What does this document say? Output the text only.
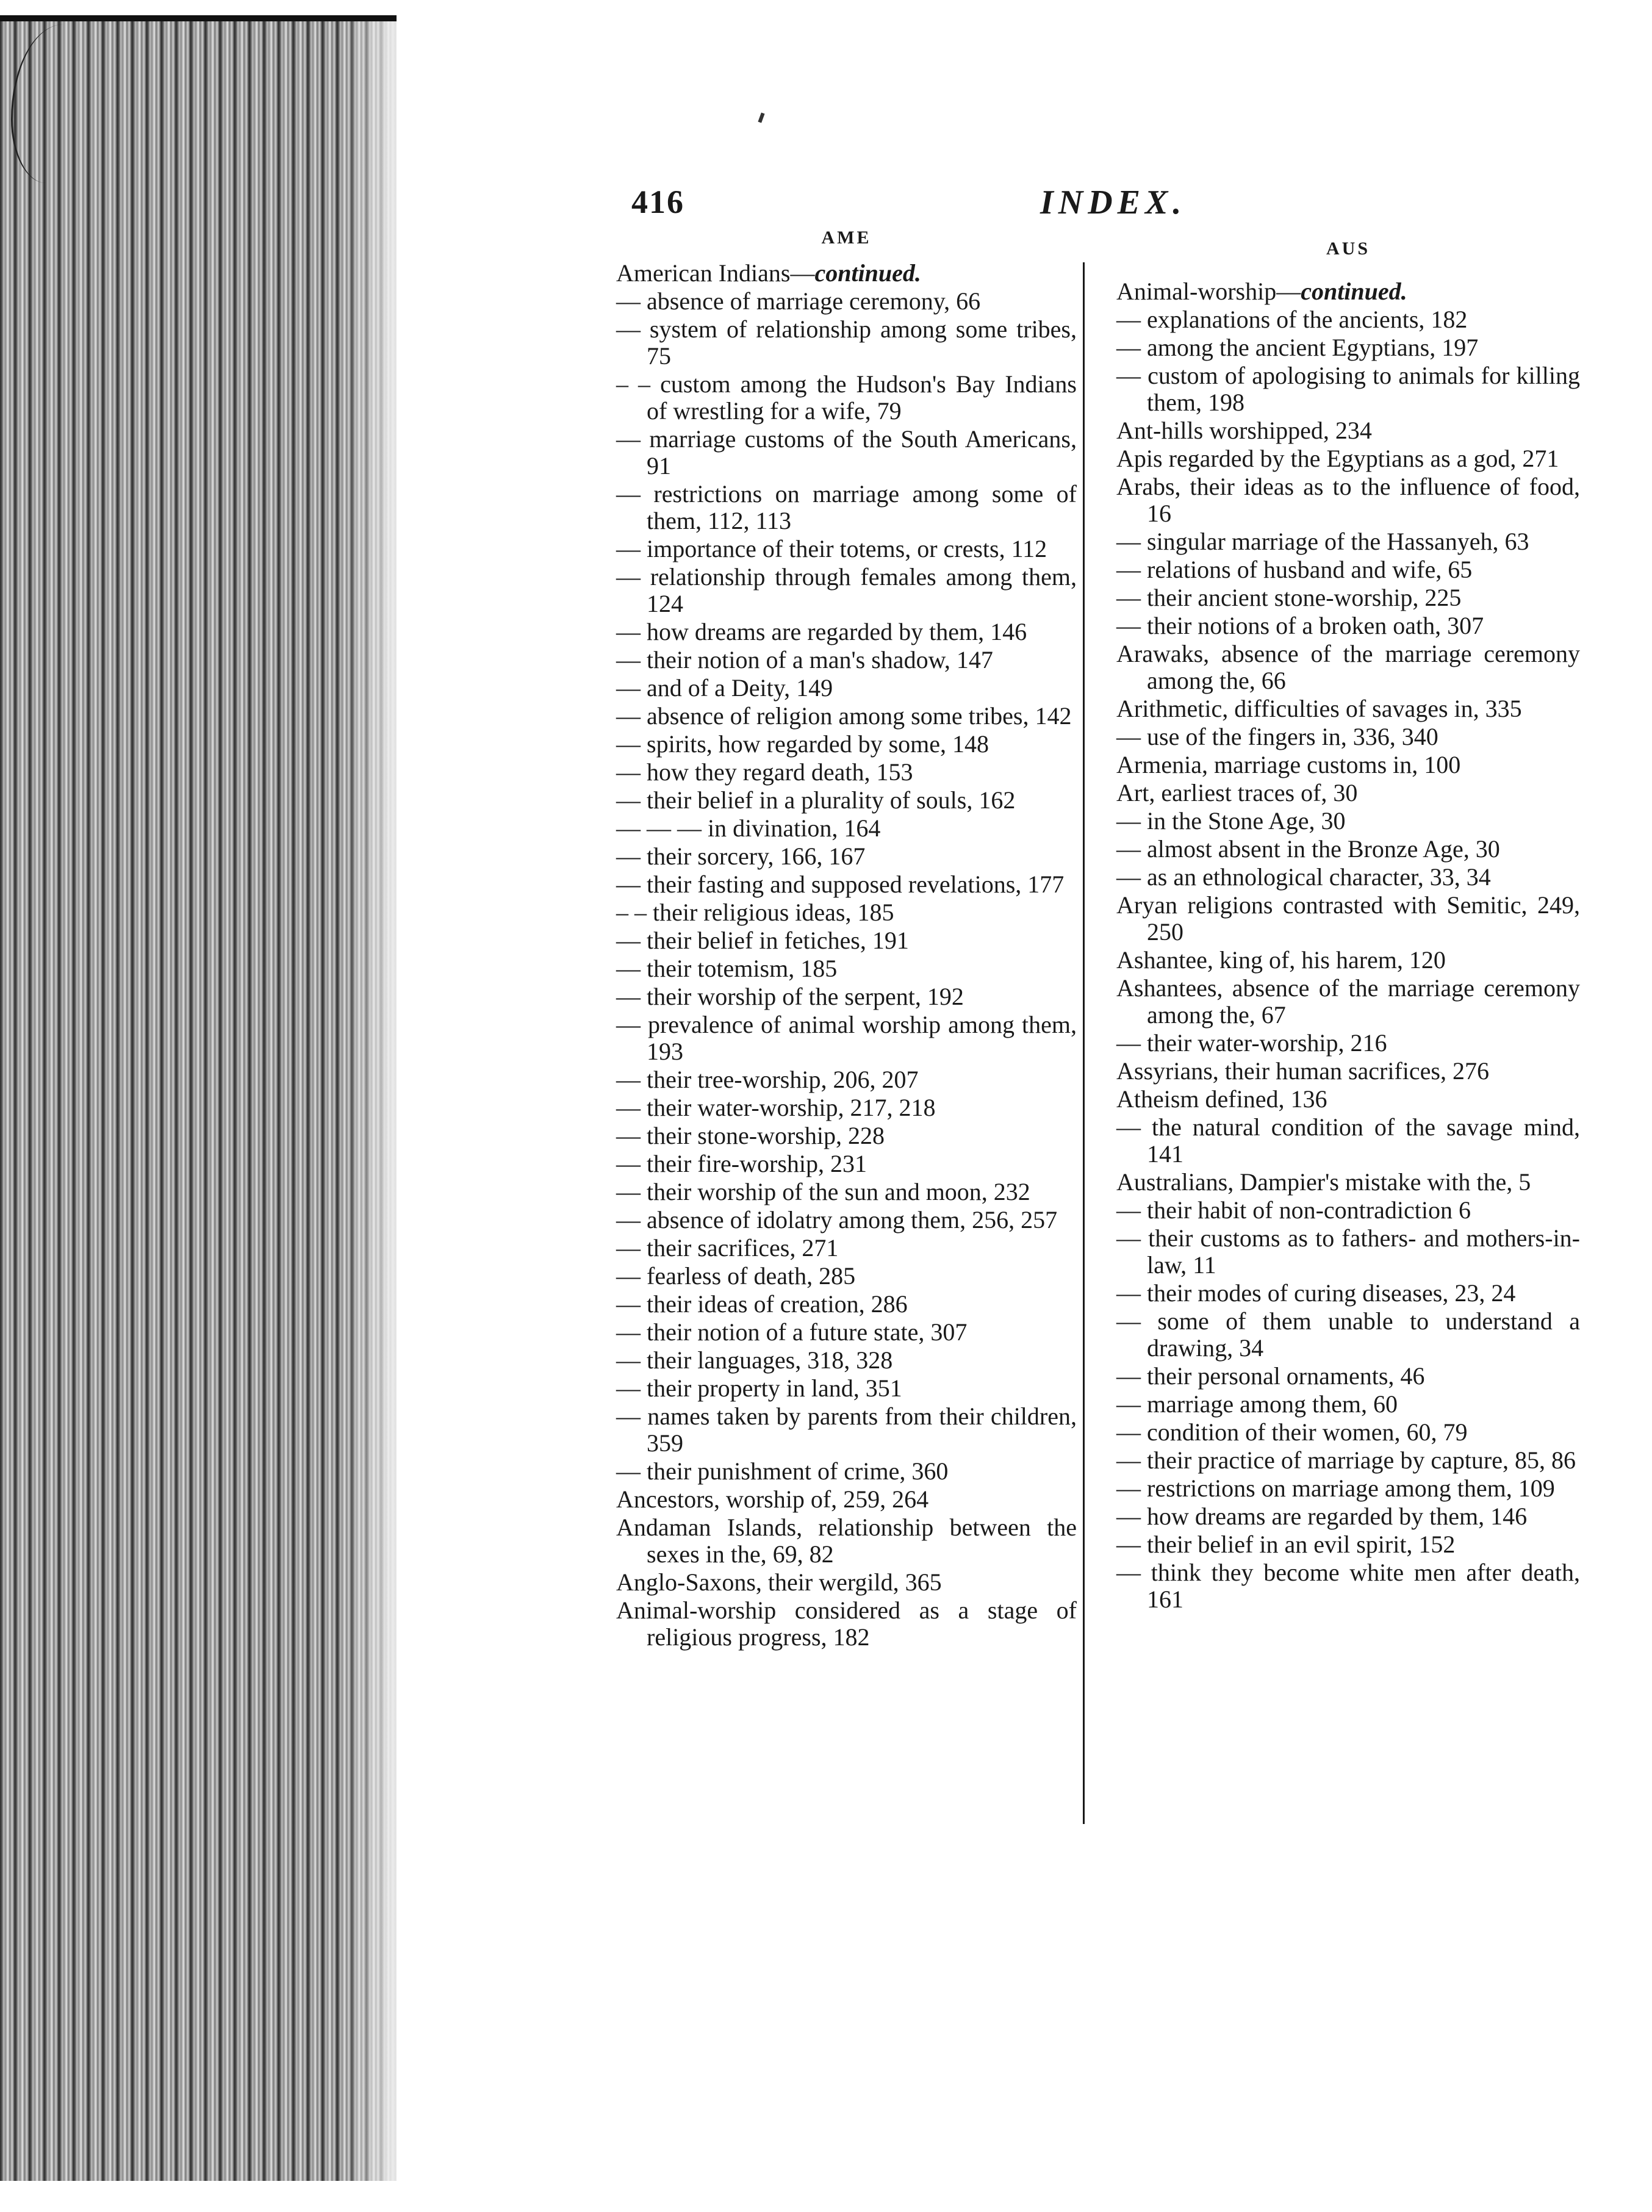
416	INDEX.
AME
American Indians—continued.
— absence of marriage ceremony, 66
— system of relationship among some tribes, 75
– – custom among the Hudson's Bay Indians of wrestling for a wife, 79
— marriage customs of the South Americans, 91
— restrictions on marriage among some of them, 112, 113
— importance of their totems, or crests, 112
— relationship through females among them, 124
— how dreams are regarded by them, 146
— their notion of a man's shadow, 147
— and of a Deity, 149
— absence of religion among some tribes, 142
— spirits, how regarded by some, 148
— how they regard death, 153
— their belief in a plurality of souls, 162
— — — in divination, 164
— their sorcery, 166, 167
— their fasting and supposed revelations, 177
– – their religious ideas, 185
— their belief in fetiches, 191
— their totemism, 185
— their worship of the serpent, 192
— prevalence of animal worship among them, 193
— their tree-worship, 206, 207
— their water-worship, 217, 218
— their stone-worship, 228
— their fire-worship, 231
— their worship of the sun and moon, 232
— absence of idolatry among them, 256, 257
— their sacrifices, 271
— fearless of death, 285
— their ideas of creation, 286
— their notion of a future state, 307
— their languages, 318, 328
— their property in land, 351
— names taken by parents from their children, 359
— their punishment of crime, 360
Ancestors, worship of, 259, 264
Andaman Islands, relationship between the sexes in the, 69, 82
Anglo-Saxons, their wergild, 365
Animal-worship considered as a stage of religious progress, 182
AUS
Animal-worship—continued.
— explanations of the ancients, 182
— among the ancient Egyptians, 197
— custom of apologising to animals for killing them, 198
Ant-hills worshipped, 234
Apis regarded by the Egyptians as a god, 271
Arabs, their ideas as to the influence of food, 16
— singular marriage of the Hassanyeh, 63
— relations of husband and wife, 65
— their ancient stone-worship, 225
— their notions of a broken oath, 307
Arawaks, absence of the marriage ceremony among the, 66
Arithmetic, difficulties of savages in, 335
— use of the fingers in, 336, 340
Armenia, marriage customs in, 100
Art, earliest traces of, 30
— in the Stone Age, 30
— almost absent in the Bronze Age, 30
— as an ethnological character, 33, 34
Aryan religions contrasted with Semitic, 249, 250
Ashantee, king of, his harem, 120
Ashantees, absence of the marriage ceremony among the, 67
— their water-worship, 216
Assyrians, their human sacrifices, 276
Atheism defined, 136
— the natural condition of the savage mind, 141
Australians, Dampier's mistake with the, 5
— their habit of non-contradiction 6
— their customs as to fathers- and mothers-in-law, 11
— their modes of curing diseases, 23, 24
— some of them unable to understand a drawing, 34
— their personal ornaments, 46
— marriage among them, 60
— condition of their women, 60, 79
— their practice of marriage by capture, 85, 86
— restrictions on marriage among them, 109
— how dreams are regarded by them, 146
— their belief in an evil spirit, 152
— think they become white men after death, 161
